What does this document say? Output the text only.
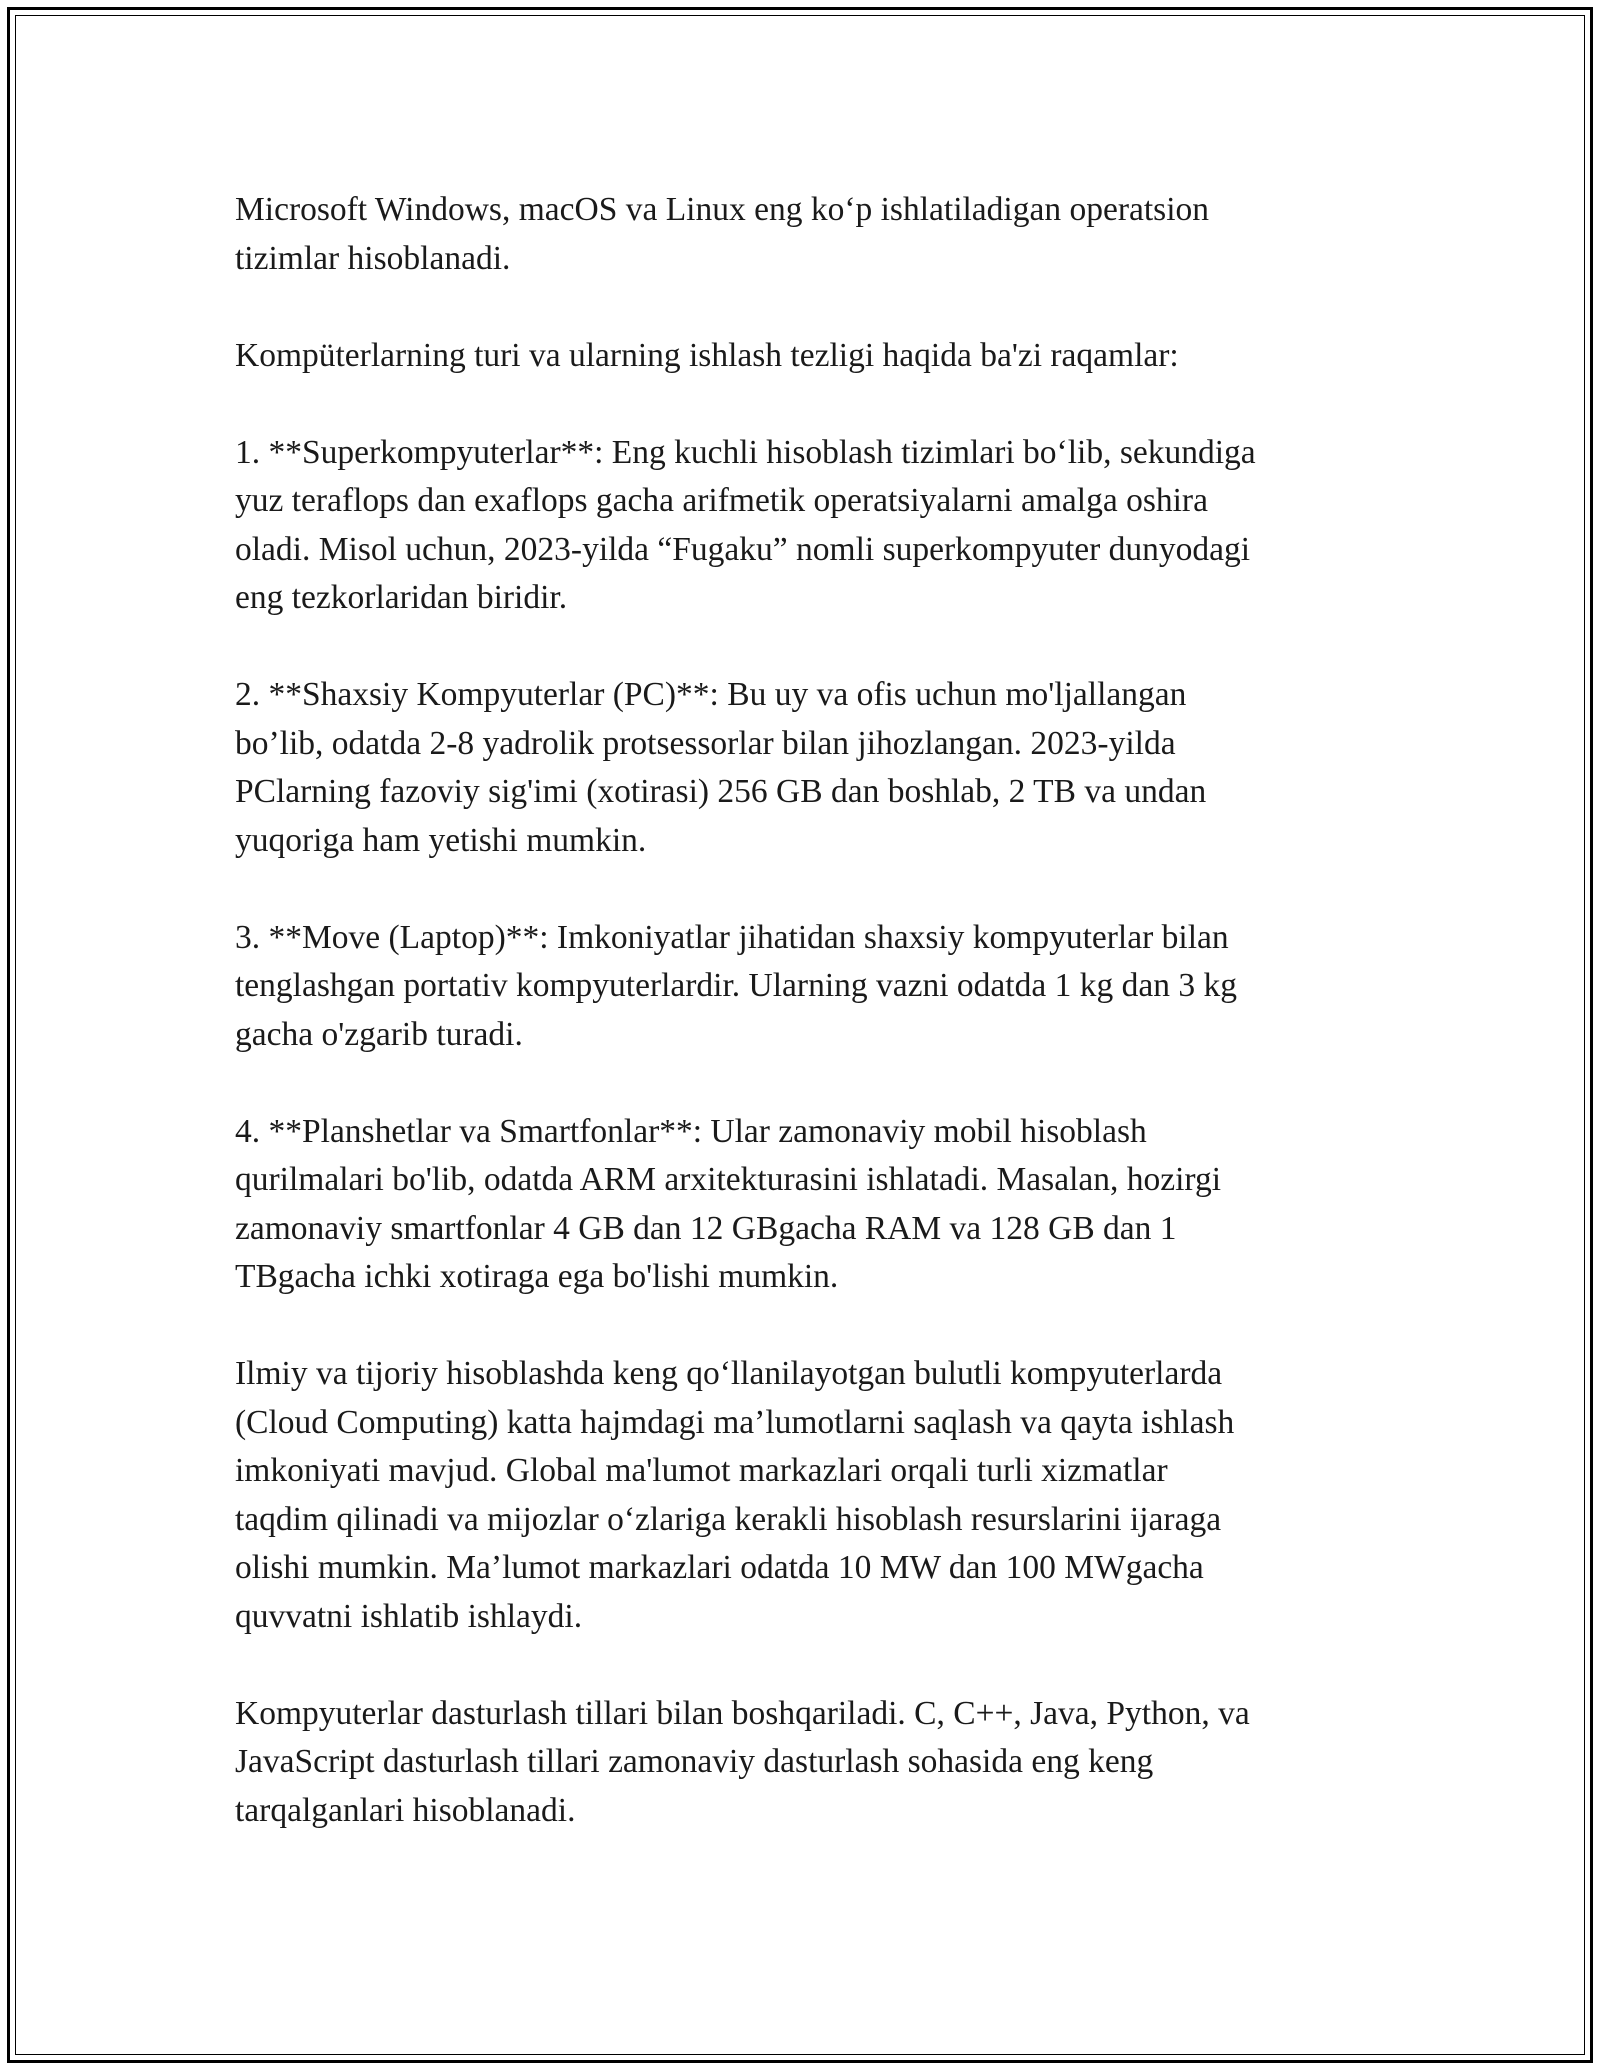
Microsoft Windows, macOS va Linux eng ko‘p ishlatiladigan operatsion
tizimlar hisoblanadi.

Kompüterlarning turi va ularning ishlash tezligi haqida ba'zi raqamlar:

1. **Superkompyuterlar**: Eng kuchli hisoblash tizimlari bo‘lib, sekundiga
yuz teraflops dan exaflops gacha arifmetik operatsiyalarni amalga oshira
oladi. Misol uchun, 2023-yilda “Fugaku” nomli superkompyuter dunyodagi
eng tezkorlaridan biridir.

2. **Shaxsiy Kompyuterlar (PC)**: Bu uy va ofis uchun mo'ljallangan
bo’lib, odatda 2-8 yadrolik protsessorlar bilan jihozlangan. 2023-yilda
PClarning fazoviy sig'imi (xotirasi) 256 GB dan boshlab, 2 TB va undan
yuqoriga ham yetishi mumkin.

3. **Move (Laptop)**: Imkoniyatlar jihatidan shaxsiy kompyuterlar bilan
tenglashgan portativ kompyuterlardir. Ularning vazni odatda 1 kg dan 3 kg
gacha o'zgarib turadi.

4. **Planshetlar va Smartfonlar**: Ular zamonaviy mobil hisoblash
qurilmalari bo'lib, odatda ARM arxitekturasini ishlatadi. Masalan, hozirgi
zamonaviy smartfonlar 4 GB dan 12 GBgacha RAM va 128 GB dan 1
TBgacha ichki xotiraga ega bo'lishi mumkin.

Ilmiy va tijoriy hisoblashda keng qo‘llanilayotgan bulutli kompyuterlarda
(Cloud Computing) katta hajmdagi ma’lumotlarni saqlash va qayta ishlash
imkoniyati mavjud. Global ma'lumot markazlari orqali turli xizmatlar
taqdim qilinadi va mijozlar o‘zlariga kerakli hisoblash resurslarini ijaraga
olishi mumkin. Ma’lumot markazlari odatda 10 MW dan 100 MWgacha
quvvatni ishlatib ishlaydi.

Kompyuterlar dasturlash tillari bilan boshqariladi. C, C++, Java, Python, va
JavaScript dasturlash tillari zamonaviy dasturlash sohasida eng keng
tarqalganlari hisoblanadi.
